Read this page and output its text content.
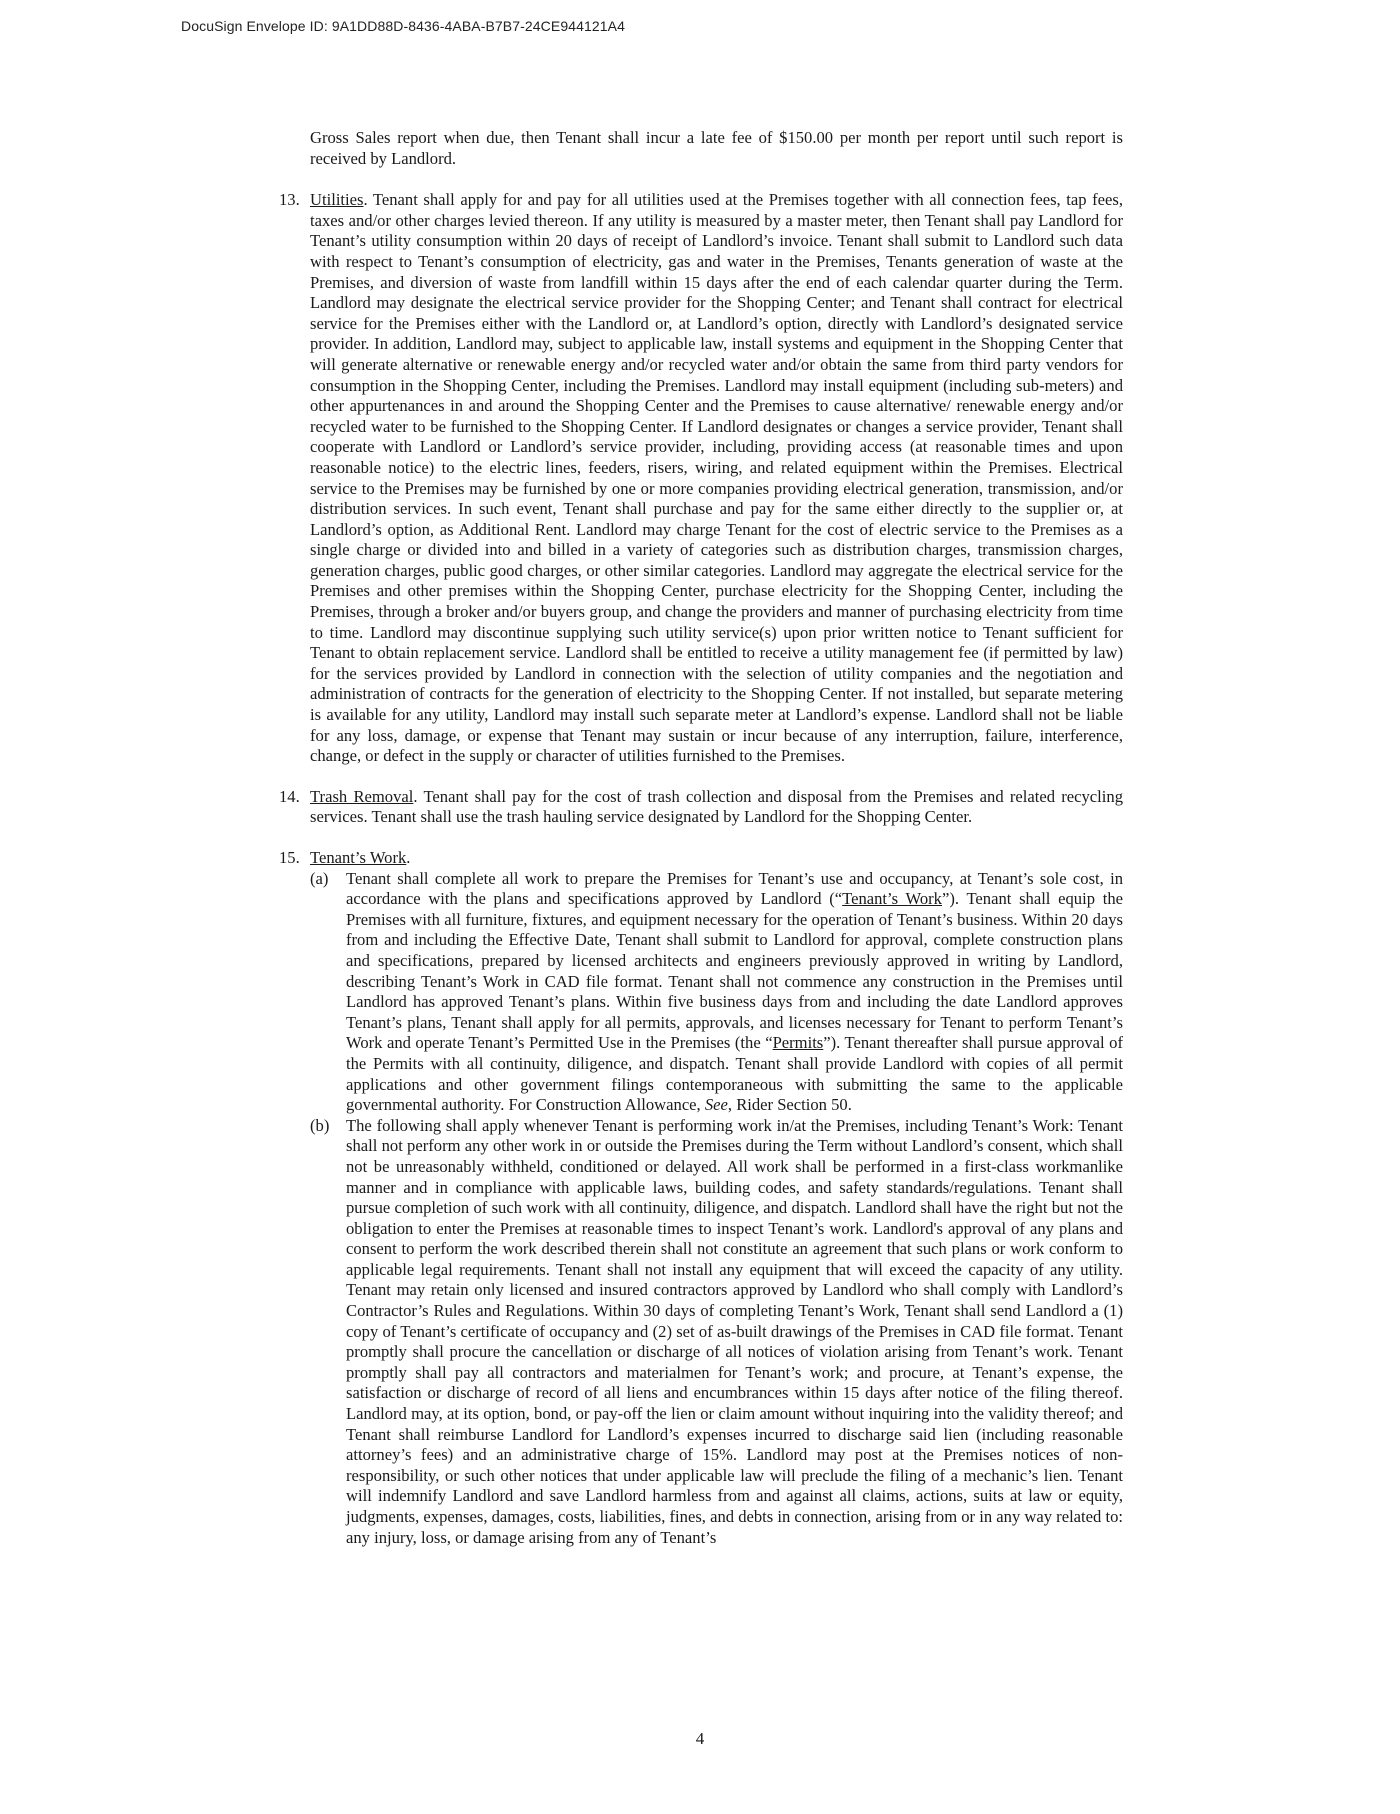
DocuSign Envelope ID: 9A1DD88D-8436-4ABA-B7B7-24CE944121A4

Gross Sales report when due, then Tenant shall incur a late fee of $150.00 per month per report until such report is received by Landlord.

13. Utilities. Tenant shall apply for and pay for all utilities used at the Premises together with all connection fees, tap fees, taxes and/or other charges levied thereon. If any utility is measured by a master meter, then Tenant shall pay Landlord for Tenant’s utility consumption within 20 days of receipt of Landlord’s invoice. Tenant shall submit to Landlord such data with respect to Tenant’s consumption of electricity, gas and water in the Premises, Tenants generation of waste at the Premises, and diversion of waste from landfill within 15 days after the end of each calendar quarter during the Term. Landlord may designate the electrical service provider for the Shopping Center; and Tenant shall contract for electrical service for the Premises either with the Landlord or, at Landlord’s option, directly with Landlord’s designated service provider. In addition, Landlord may, subject to applicable law, install systems and equipment in the Shopping Center that will generate alternative or renewable energy and/or recycled water and/or obtain the same from third party vendors for consumption in the Shopping Center, including the Premises. Landlord may install equipment (including sub-meters) and other appurtenances in and around the Shopping Center and the Premises to cause alternative/ renewable energy and/or recycled water to be furnished to the Shopping Center. If Landlord designates or changes a service provider, Tenant shall cooperate with Landlord or Landlord’s service provider, including, providing access (at reasonable times and upon reasonable notice) to the electric lines, feeders, risers, wiring, and related equipment within the Premises. Electrical service to the Premises may be furnished by one or more companies providing electrical generation, transmission, and/or distribution services. In such event, Tenant shall purchase and pay for the same either directly to the supplier or, at Landlord’s option, as Additional Rent. Landlord may charge Tenant for the cost of electric service to the Premises as a single charge or divided into and billed in a variety of categories such as distribution charges, transmission charges, generation charges, public good charges, or other similar categories. Landlord may aggregate the electrical service for the Premises and other premises within the Shopping Center, purchase electricity for the Shopping Center, including the Premises, through a broker and/or buyers group, and change the providers and manner of purchasing electricity from time to time. Landlord may discontinue supplying such utility service(s) upon prior written notice to Tenant sufficient for Tenant to obtain replacement service. Landlord shall be entitled to receive a utility management fee (if permitted by law) for the services provided by Landlord in connection with the selection of utility companies and the negotiation and administration of contracts for the generation of electricity to the Shopping Center. If not installed, but separate metering is available for any utility, Landlord may install such separate meter at Landlord’s expense. Landlord shall not be liable for any loss, damage, or expense that Tenant may sustain or incur because of any interruption, failure, interference, change, or defect in the supply or character of utilities furnished to the Premises.
14. Trash Removal. Tenant shall pay for the cost of trash collection and disposal from the Premises and related recycling services. Tenant shall use the trash hauling service designated by Landlord for the Shopping Center.
15. Tenant’s Work.
(a) Tenant shall complete all work to prepare the Premises for Tenant’s use and occupancy, at Tenant’s sole cost, in accordance with the plans and specifications approved by Landlord (“Tenant’s Work”). Tenant shall equip the Premises with all furniture, fixtures, and equipment necessary for the operation of Tenant’s business. Within 20 days from and including the Effective Date, Tenant shall submit to Landlord for approval, complete construction plans and specifications, prepared by licensed architects and engineers previously approved in writing by Landlord, describing Tenant’s Work in CAD file format. Tenant shall not commence any construction in the Premises until Landlord has approved Tenant’s plans. Within five business days from and including the date Landlord approves Tenant’s plans, Tenant shall apply for all permits, approvals, and licenses necessary for Tenant to perform Tenant’s Work and operate Tenant’s Permitted Use in the Premises (the “Permits”). Tenant thereafter shall pursue approval of the Permits with all continuity, diligence, and dispatch. Tenant shall provide Landlord with copies of all permit applications and other government filings contemporaneous with submitting the same to the applicable governmental authority. For Construction Allowance, See, Rider Section 50.
(b) The following shall apply whenever Tenant is performing work in/at the Premises, including Tenant’s Work: Tenant shall not perform any other work in or outside the Premises during the Term without Landlord’s consent, which shall not be unreasonably withheld, conditioned or delayed. All work shall be performed in a first-class workmanlike manner and in compliance with applicable laws, building codes, and safety standards/regulations. Tenant shall pursue completion of such work with all continuity, diligence, and dispatch. Landlord shall have the right but not the obligation to enter the Premises at reasonable times to inspect Tenant’s work. Landlord's approval of any plans and consent to perform the work described therein shall not constitute an agreement that such plans or work conform to applicable legal requirements. Tenant shall not install any equipment that will exceed the capacity of any utility. Tenant may retain only licensed and insured contractors approved by Landlord who shall comply with Landlord’s Contractor’s Rules and Regulations. Within 30 days of completing Tenant’s Work, Tenant shall send Landlord a (1) copy of Tenant’s certificate of occupancy and (2) set of as-built drawings of the Premises in CAD file format. Tenant promptly shall procure the cancellation or discharge of all notices of violation arising from Tenant’s work. Tenant promptly shall pay all contractors and materialmen for Tenant’s work; and procure, at Tenant’s expense, the satisfaction or discharge of record of all liens and encumbrances within 15 days after notice of the filing thereof. Landlord may, at its option, bond, or pay-off the lien or claim amount without inquiring into the validity thereof; and Tenant shall reimburse Landlord for Landlord’s expenses incurred to discharge said lien (including reasonable attorney’s fees) and an administrative charge of 15%. Landlord may post at the Premises notices of non-responsibility, or such other notices that under applicable law will preclude the filing of a mechanic’s lien. Tenant will indemnify Landlord and save Landlord harmless from and against all claims, actions, suits at law or equity, judgments, expenses, damages, costs, liabilities, fines, and debts in connection, arising from or in any way related to: any injury, loss, or damage arising from any of Tenant’s
4
